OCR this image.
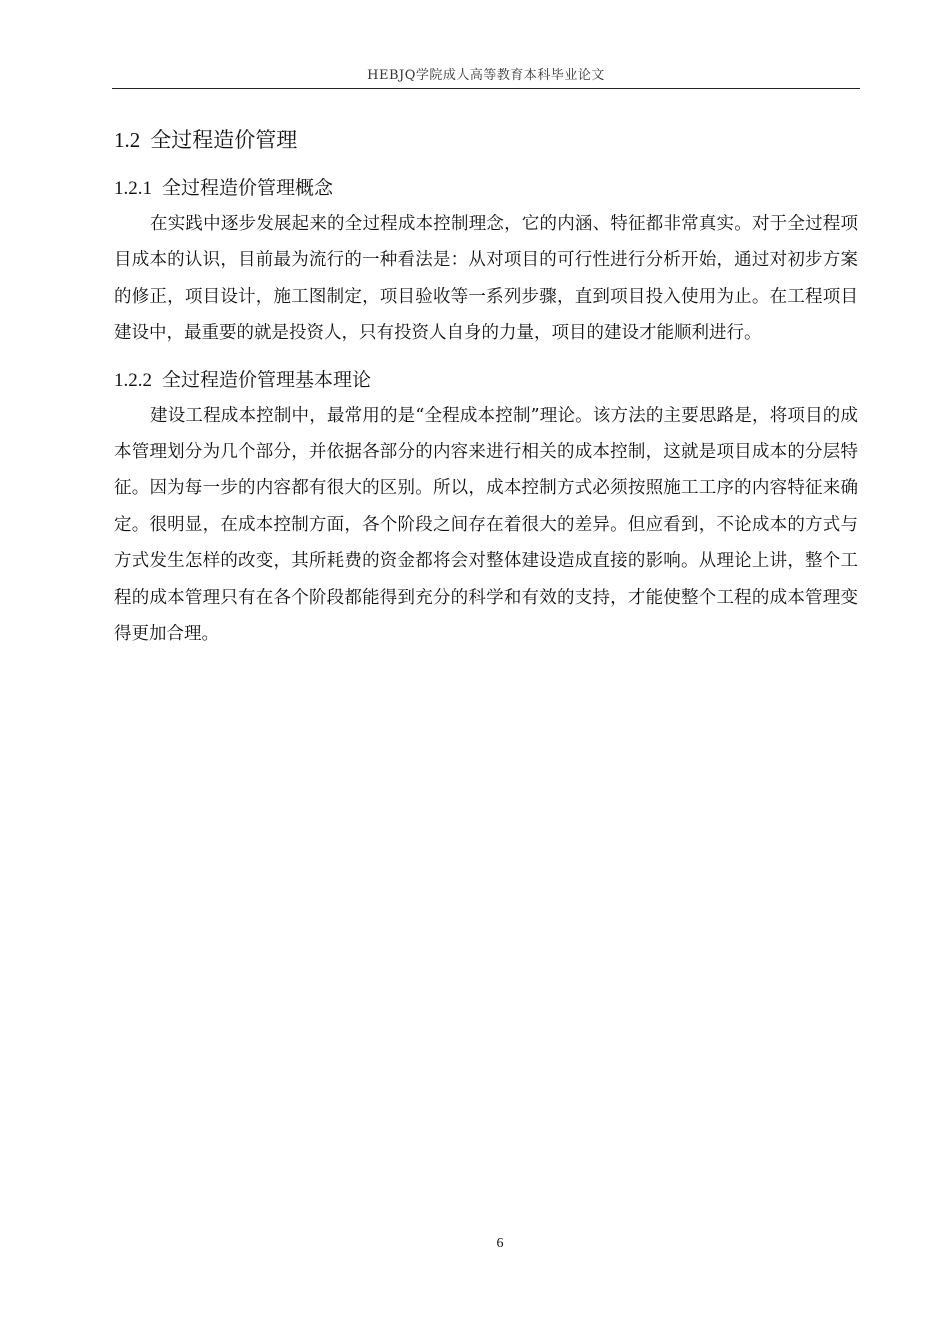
HEBJQ学院成人高等教育本科毕业论文
1.2 全过程造价管理
1.2.1 全过程造价管理概念

在实践中逐步发展起来的全过程成本控制理念，它的内涵、特征都非常真实。对于全过程项目成本的认识，目前最为流行的一种看法是：从对项目的可行性进行分析开始，通过对初步方案的修正，项目设计，施工图制定，项目验收等一系列步骤，直到项目投入使用为止。在工程项目建设中，最重要的就是投资人，只有投资人自身的力量，项目的建设才能顺利进行。

1.2.2 全过程造价管理基本理论

建设工程成本控制中，最常用的是“全程成本控制”理论。该方法的主要思路是，将项目的成本管理划分为几个部分，并依据各部分的内容来进行相关的成本控制，这就是项目成本的分层特征。因为每一步的内容都有很大的区别。所以，成本控制方式必须按照施工工序的内容特征来确定。很明显，在成本控制方面，各个阶段之间存在着很大的差异。但应看到，不论成本的方式与方式发生怎样的改变，其所耗费的资金都将会对整体建设造成直接的影响。从理论上讲，整个工程的成本管理只有在各个阶段都能得到充分的科学和有效的支持，才能使整个工程的成本管理变得更加合理。

6
